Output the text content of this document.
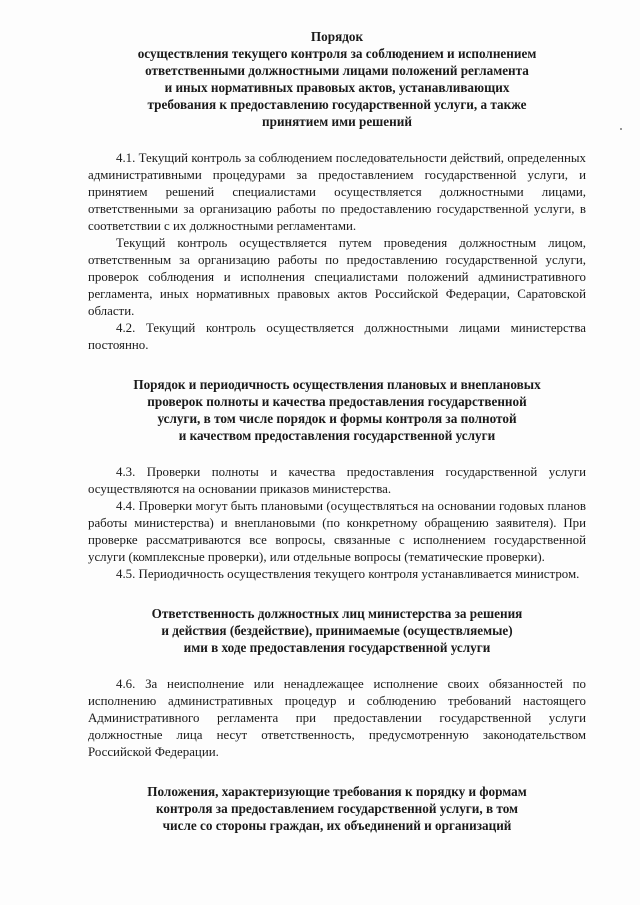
Порядок
осуществления текущего контроля за соблюдением и исполнением
ответственными должностными лицами положений регламента
и иных нормативных правовых актов, устанавливающих
требования к предоставлению государственной услуги, а также
принятием ими решений

4.1. Текущий контроль за соблюдением последовательности действий, определенных административными процедурами за предоставлением государственной услуги, и принятием решений специалистами осуществляется должностными лицами, ответственными за организацию работы по предоставлению государственной услуги, в соответствии с их должностными регламентами.

Текущий контроль осуществляется путем проведения должностным лицом, ответственным за организацию работы по предоставлению государственной услуги, проверок соблюдения и исполнения специалистами положений административного регламента, иных нормативных правовых актов Российской Федерации, Саратовской области.

4.2. Текущий контроль осуществляется должностными лицами министерства постоянно.

Порядок и периодичность осуществления плановых и внеплановых
проверок полноты и качества предоставления государственной
услуги, в том числе порядок и формы контроля за полнотой
и качеством предоставления государственной услуги

4.3. Проверки полноты и качества предоставления государственной услуги осуществляются на основании приказов министерства.

4.4. Проверки могут быть плановыми (осуществляться на основании годовых планов работы министерства) и внеплановыми (по конкретному обращению заявителя). При проверке рассматриваются все вопросы, связанные с исполнением государственной услуги (комплексные проверки), или отдельные вопросы (тематические проверки).

4.5. Периодичность осуществления текущего контроля устанавливается министром.

Ответственность должностных лиц министерства за решения
и действия (бездействие), принимаемые (осуществляемые)
ими в ходе предоставления государственной услуги

4.6. За неисполнение или ненадлежащее исполнение своих обязанностей по исполнению административных процедур и соблюдению требований настоящего Административного регламента при предоставлении государственной услуги должностные лица несут ответственность, предусмотренную законодательством Российской Федерации.

Положения, характеризующие требования к порядку и формам
контроля за предоставлением государственной услуги, в том
числе со стороны граждан, их объединений и организаций
